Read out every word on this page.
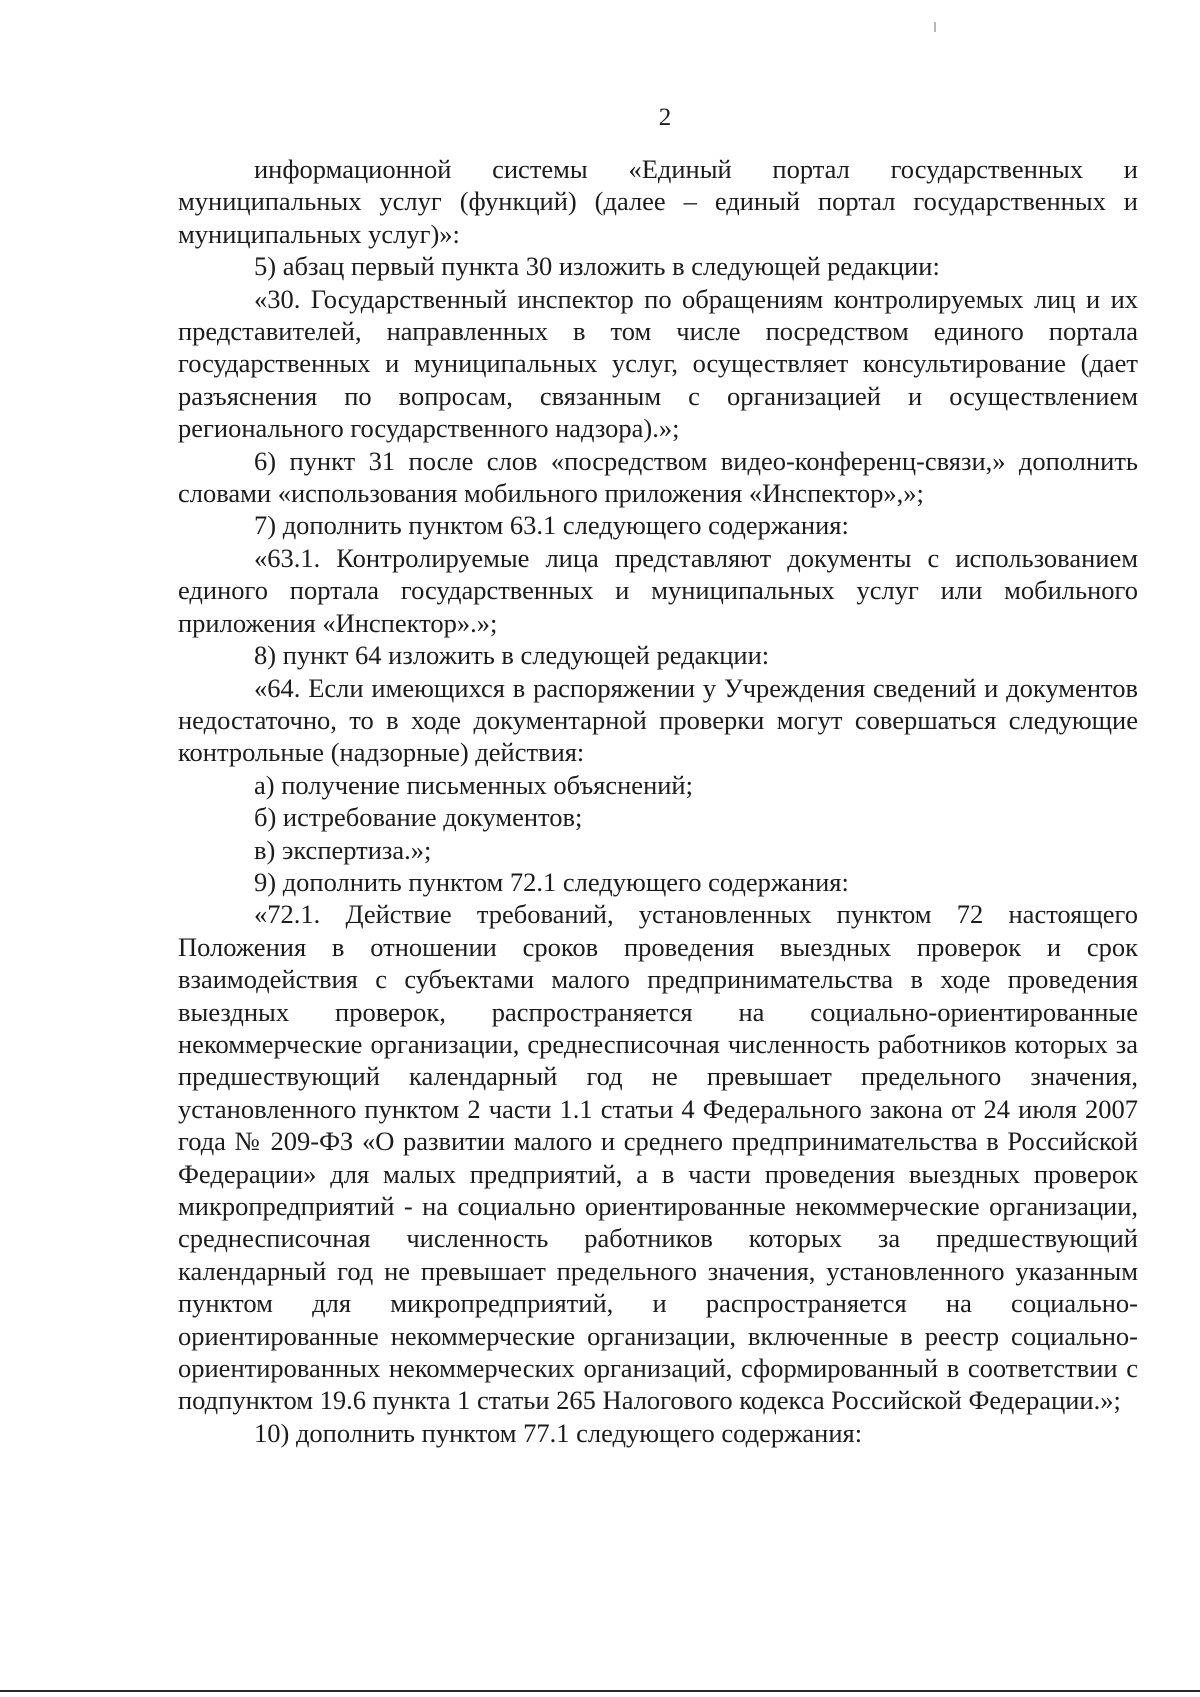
2

информационной системы «Единый портал государственных и муниципальных услуг (функций) (далее – единый портал государственных и муниципальных услуг)»:

5) абзац первый пункта 30 изложить в следующей редакции:

«30. Государственный инспектор по обращениям контролируемых лиц и их представителей, направленных в том числе посредством единого портала государственных и муниципальных услуг, осуществляет консультирование (дает разъяснения по вопросам, связанным с организацией и осуществлением регионального государственного надзора).»;

6) пункт 31 после слов «посредством видео-конференц-связи,» дополнить словами «использования мобильного приложения «Инспектор»,»;

7) дополнить пунктом 63.1 следующего содержания:

«63.1. Контролируемые лица представляют документы с использованием единого портала государственных и муниципальных услуг или мобильного приложения «Инспектор».»;

8) пункт 64 изложить в следующей редакции:

«64. Если имеющихся в распоряжении у Учреждения сведений и документов недостаточно, то в ходе документарной проверки могут совершаться следующие контрольные (надзорные) действия:

а) получение письменных объяснений;

б) истребование документов;

в) экспертиза.»;

9) дополнить пунктом 72.1 следующего содержания:

«72.1. Действие требований, установленных пунктом 72 настоящего Положения в отношении сроков проведения выездных проверок и срок взаимодействия с субъектами малого предпринимательства в ходе проведения выездных проверок, распространяется на социально-ориентированные некоммерческие организации, среднесписочная численность работников которых за предшествующий календарный год не превышает предельного значения, установленного пунктом 2 части 1.1 статьи 4 Федерального закона от 24 июля 2007 года № 209-ФЗ «О развитии малого и среднего предпринимательства в Российской Федерации» для малых предприятий, а в части проведения выездных проверок микропредприятий - на социально ориентированные некоммерческие организации, среднесписочная численность работников которых за предшествующий календарный год не превышает предельного значения, установленного указанным пунктом для микропредприятий, и распространяется на социально-ориентированные некоммерческие организации, включенные в реестр социально-ориентированных некоммерческих организаций, сформированный в соответствии с подпунктом 19.6 пункта 1 статьи 265 Налогового кодекса Российской Федерации.»;

10) дополнить пунктом 77.1 следующего содержания:
